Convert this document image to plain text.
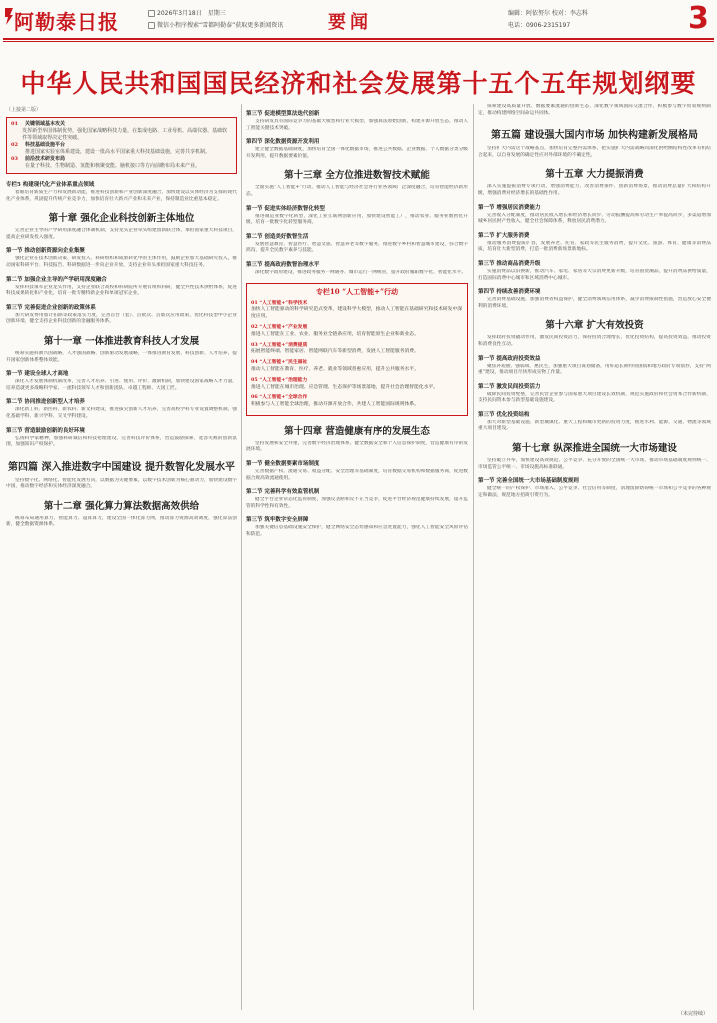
阿勒泰日报	2026年3月18日　星期三
微信小程序搜索“雪都阿勒泰”获取更多新闻资讯 要闻	编辑：阿依努尔 校对：李志科
电话：0906-2315197	3
中华人民共和国国民经济和社会发展第十五个五年规划纲要
（上接第二版）
01	关键领域基本攻关
发挥新型举国体制优势，强化国家战略科技力量，在集成电路、工业母机、高端仪器、基础软件等领域取得决定性突破。
02	科技基础设施平台
推进国家实验室体系建设，建设一批高水平国家重大科技基础设施，完善共享机制。
03	前沿技术研发布局
在量子科技、生物制造、氢能和核聚变能、脑机接口等方向前瞻布局未来产业。
专栏5 构建现代化产业体系重点领域

着眼培育新质生产力和发展新动能，推进科技创新和产业创新深度融合，加快建设以实体经济为支撑的现代化产业体系，巩固提升传统产业竞争力，加快培育壮大新兴产业和未来产业，保持制造业比重基本稳定。

第十章 强化企业科技创新主体地位

完善企业主导的产学研用深度融合体制机制，支持龙头企业牵头组建创新联合体，承担国家重大科技项目，提高企业研发投入强度。

第一节 推动创新资源向企业集聚

强化企业在技术创新决策、研发投入、科研组织和成果转化中的主体作用，鼓励企业加大基础研究投入，推动国家科研平台、科技报告、科研数据进一步向企业开放，支持企业牵头承担国家重大科技任务。

第二节 加强企业主导的产学研用深度融合

发挥科技领军企业龙头作用，支持企业联合高校和科研院所开展有组织科研，健全共性技术供给体系，促进科技成果转化和产业化，培育一批专精特新企业和单项冠军企业。

第三节 完善促进企业创新的政策体系

加大研发费用加计扣除等政策落实力度，完善首台（套）、首批次、首版次应用政策，优化科技型中小企业创新环境，健全支持企业科技创新的金融服务体系。

第十一章 一体推进教育科技人才发展

统筹实施科教兴国战略、人才强国战略、创新驱动发展战略，一体推进教育发展、科技创新、人才培养，提升国家创新体系整体效能。

第一节 建设全球人才高地

深化人才发展体制机制改革，完善人才培养、引进、使用、评价、激励机制，加快建设国家战略人才力量，培养造就更多战略科学家、一流科技领军人才和创新团队、卓越工程师、大国工匠。

第二节 协同推进创新型人才培养

深化新工科、新医科、新农科、新文科建设，推进拔尖创新人才培养，完善高校学科专业设置调整机制，强化基础学科、新兴学科、交叉学科建设。

第三节 营造鼓励创新的良好环境

弘扬科学家精神，加强科研诚信和科技伦理建设，完善科技评价体系，营造鼓励探索、宽容失败的创新氛围，加强知识产权保护。

第四篇 深入推进数字中国建设 提升数智化发展水平

坚持数字化、网络化、智能化发展方向，以数据为关键要素，以数字技术创新为核心驱动力，加快建设数字中国，推动数字经济和实体经济深度融合。

第十二章 强化算力算法数据高效供给

统筹布局通用算力、智能算力、超算算力，建设全国一体化算力网，推动算力资源高效调度，强化算法创新，健全数据资源体系。

第三节 促进模型算法迭代创新

支持研发具有国际竞争力的基础大模型和行业大模型，加强算法原始创新，构建开源开放生态，推动人工智能关键技术突破。

第四节 深化数据资源开发利用

建立健全数据基础制度，加快培育全国一体化数据市场，推进公共数据、企业数据、个人数据分类分级开发利用，提升数据要素价值。

第十三章 全方位推进数智技术赋能

全面实施“人工智能+”行动，推动人工智能与经济社会各行业各领域广泛深度融合，培育智能经济新形态。

第一节 促进实体经济数智化转型

推进制造业数字化转型，深化工业互联网创新应用，加快建设智能工厂，推动农业、服务业数智化升级，培育一批数字化转型服务商。

第二节 创造美好数智生活

发展智慧教育、智慧医疗、智慧文旅、智慧养老等数字服务，推进数字乡村和智慧城市建设，弥合数字鸿沟，提升全民数字素养与技能。

第三节 提高政府数智治理水平

深化数字政府建设，推进政务服务一网通办、城市运行一网统管，提升政府履职数字化、智能化水平。

专栏10 “人工智能+”行动
01 “人工智能+”科学技术
加快人工智能驱动的科学研究范式变革，建设科学大模型，推动人工智能在基础研究和技术研发中深度应用。
02 “人工智能+”产业发展
推进人工智能在工业、农业、服务业全链条应用，培育智能原生企业和新业态。
03 “人工智能+”消费提质
拓展智能终端、智能家居、智能网联汽车等新型消费，发展人工智能服务消费。
04 “人工智能+”民生福祉
推动人工智能在教育、医疗、养老、就业等领域普惠应用，提升公共服务水平。
05 “人工智能+”治理能力
推进人工智能在城市治理、应急管理、生态保护等场景落地，提升社会治理智能化水平。
06 “人工智能+”全球合作
积极参与人工智能全球治理，推动开源开放合作，共建人工智能国际规则体系。
第十四章 营造健康有序的发展生态

坚持发展和安全并重，完善数字经济治理体系，健全数据安全和个人信息保护制度，营造健康有序的发展环境。

第一节 健全数据要素市场制度

完善数据产权、流通交易、收益分配、安全治理等基础制度，培育数据交易机构和数据服务商，促进数据合规高效流通使用。

第二节 完善科学有效监管机制

健全平台企业常态化监管制度，加强反垄断和反不正当竞争，促进平台经济规范健康持续发展，提升监管的科学性和有效性。

第三节 筑牢数字安全屏障

加强关键信息基础设施安全保护，健全网络安全态势感知和应急处置能力，强化人工智能安全风险评估和防范。

探索建设高质量开放、数据要素流通的创新生态，深化数字领域国际交流合作，积极参与数字贸易规则制定，推动构建网络空间命运共同体。

第五篇 建设强大国内市场 加快构建新发展格局

坚持扩大内需这个战略基点，加快培育完整内需体系，把实施扩大内需战略同深化供给侧结构性改革有机结合起来，以自身发展的确定性应对外部环境的不确定性。

第十五章 大力提振消费

深入实施提振消费专项行动，增强消费能力、改善消费条件、创新消费场景，推动消费总量扩大和结构升级，增强消费对经济增长的基础性作用。

第一节 增强居民消费能力

完善收入分配制度，推动居民收入增长和经济增长同步、劳动报酬提高和劳动生产率提高同步，多渠道增加城乡居民财产性收入，健全社会保障体系，释放居民消费潜力。

第二节 扩大服务消费

推动服务消费提质扩容，发展养老、托育、家政等民生服务消费，提升文化、旅游、体育、健康等消费品质，培育壮大新型消费，打造一批消费新场景新地标。

第三节 推动商品消费升级

实施消费品以旧换新，推动汽车、家电、家居等大宗消费更新升级，培育国货潮品，提升消费品供给质量，打造国际消费中心城市和区域消费中心城市。

第四节 持续改善消费环境

完善消费基础设施，加强消费者权益保护，健全消费领域信用体系，减少消费限制性措施，营造放心安全便利的消费环境。

第十六章 扩大有效投资

发挥政府投资撬动作用，激发民间投资活力，保持投资合理增长，优化投资结构，提高投资效益，推动投资和消费良性互动。

第一节 提高政府投资效益

聚焦补短板、强弱项、惠民生，加强重大项目谋划储备，用好超长期特别国债和地方政府专项债券，支持“两重”建设，推动项目尽快形成实物工作量。

第二节 激发民间投资活力

破除民间投资壁垒，完善民营企业参与国家重大项目建设长效机制，规范实施政府和社会资本合作新机制，支持民间资本参与新型基础设施建设。

第三节 优化投资结构

加大对新型基础设施、新型城镇化、重大工程和城市更新的投资力度，推进水利、能源、交通、物流等领域重大项目建设。

第十七章 纵深推进全国统一大市场建设

坚持破立并举，加快建设高效规范、公平竞争、充分开放的全国统一大市场，推动市场基础制度规则统一、市场监管公平统一、市场设施高标准联通。

第一节 完善全国统一大市场基础制度规则

健全统一的产权保护、市场准入、公平竞争、社会信用等制度，清理废除妨碍统一市场和公平竞争的各种规定和做法，规范地方招商引资行为。

（未完待续）
